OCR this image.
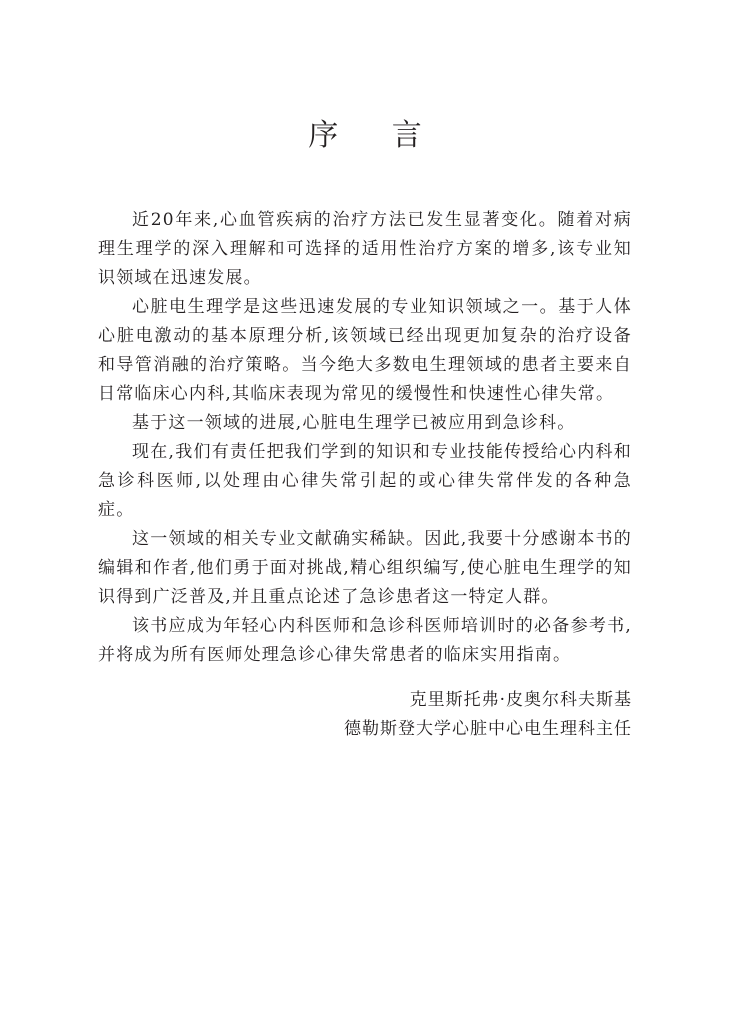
序 言

近20年来,心血管疾病的治疗方法已发生显著变化。随着对病理生理学的深入理解和可选择的适用性治疗方案的增多,该专业知识领域在迅速发展。

心脏电生理学是这些迅速发展的专业知识领域之一。基于人体心脏电激动的基本原理分析,该领域已经出现更加复杂的治疗设备和导管消融的治疗策略。当今绝大多数电生理领域的患者主要来自日常临床心内科,其临床表现为常见的缓慢性和快速性心律失常。

基于这一领域的进展,心脏电生理学已被应用到急诊科。

现在,我们有责任把我们学到的知识和专业技能传授给心内科和急诊科医师,以处理由心律失常引起的或心律失常伴发的各种急症。

这一领域的相关专业文献确实稀缺。因此,我要十分感谢本书的编辑和作者,他们勇于面对挑战,精心组织编写,使心脏电生理学的知识得到广泛普及,并且重点论述了急诊患者这一特定人群。

该书应成为年轻心内科医师和急诊科医师培训时的必备参考书,并将成为所有医师处理急诊心律失常患者的临床实用指南。

克里斯托弗·皮奥尔科夫斯基

德勒斯登大学心脏中心电生理科主任
